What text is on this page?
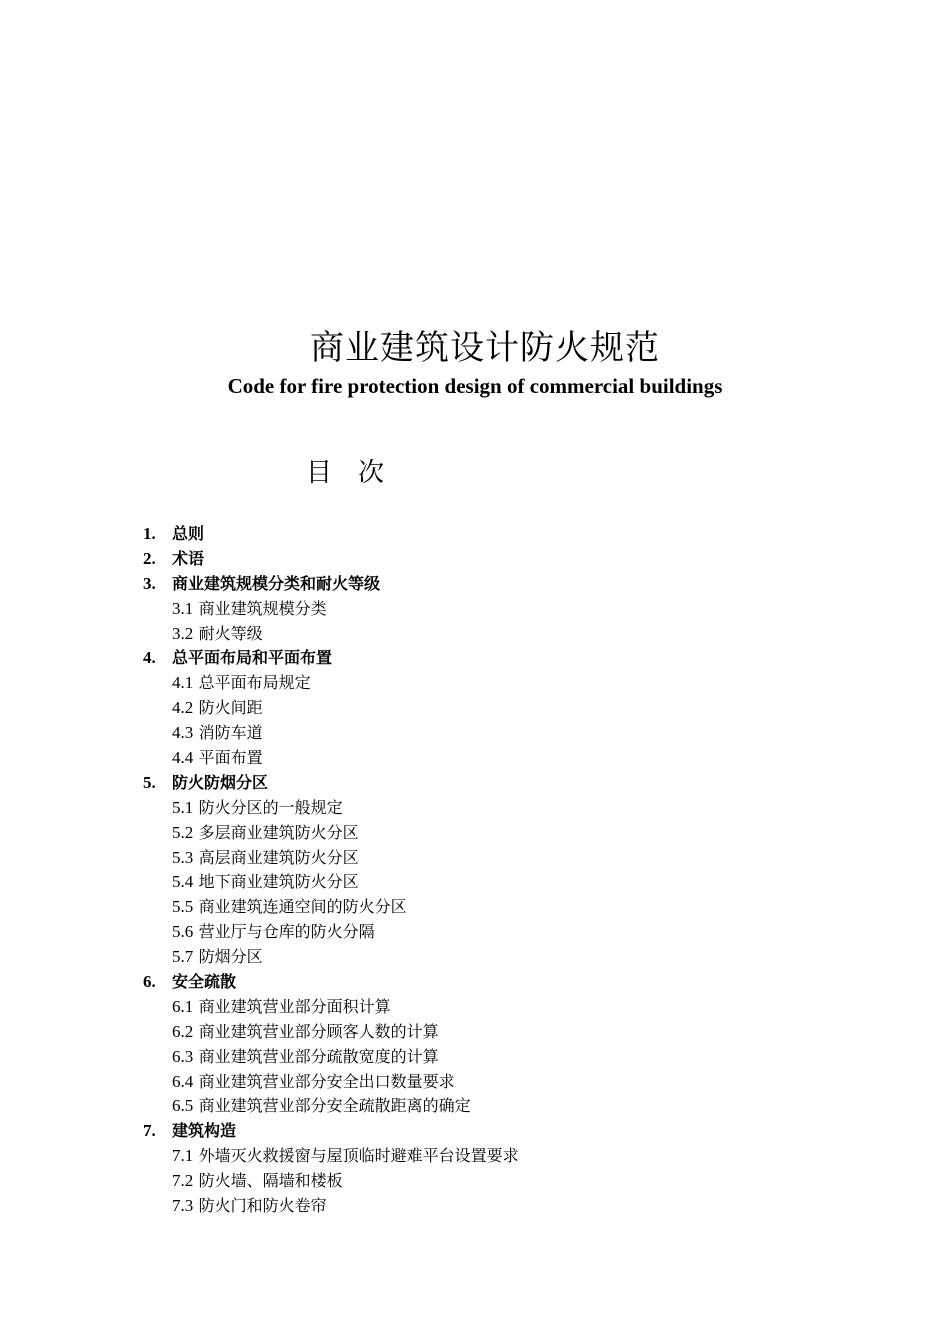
商业建筑设计防火规范
Code for fire protection design of commercial buildings
目 次
1. 总则
2. 术语
3. 商业建筑规模分类和耐火等级
3.1 商业建筑规模分类
3.2 耐火等级
4. 总平面布局和平面布置
4.1 总平面布局规定
4.2 防火间距
4.3 消防车道
4.4 平面布置
5. 防火防烟分区
5.1 防火分区的一般规定
5.2 多层商业建筑防火分区
5.3 高层商业建筑防火分区
5.4 地下商业建筑防火分区
5.5 商业建筑连通空间的防火分区
5.6 营业厅与仓库的防火分隔
5.7 防烟分区
6. 安全疏散
6.1 商业建筑营业部分面积计算
6.2 商业建筑营业部分顾客人数的计算
6.3 商业建筑营业部分疏散宽度的计算
6.4 商业建筑营业部分安全出口数量要求
6.5 商业建筑营业部分安全疏散距离的确定
7. 建筑构造
7.1 外墙灭火救援窗与屋顶临时避难平台设置要求
7.2 防火墙、隔墙和楼板
7.3 防火门和防火卷帘
